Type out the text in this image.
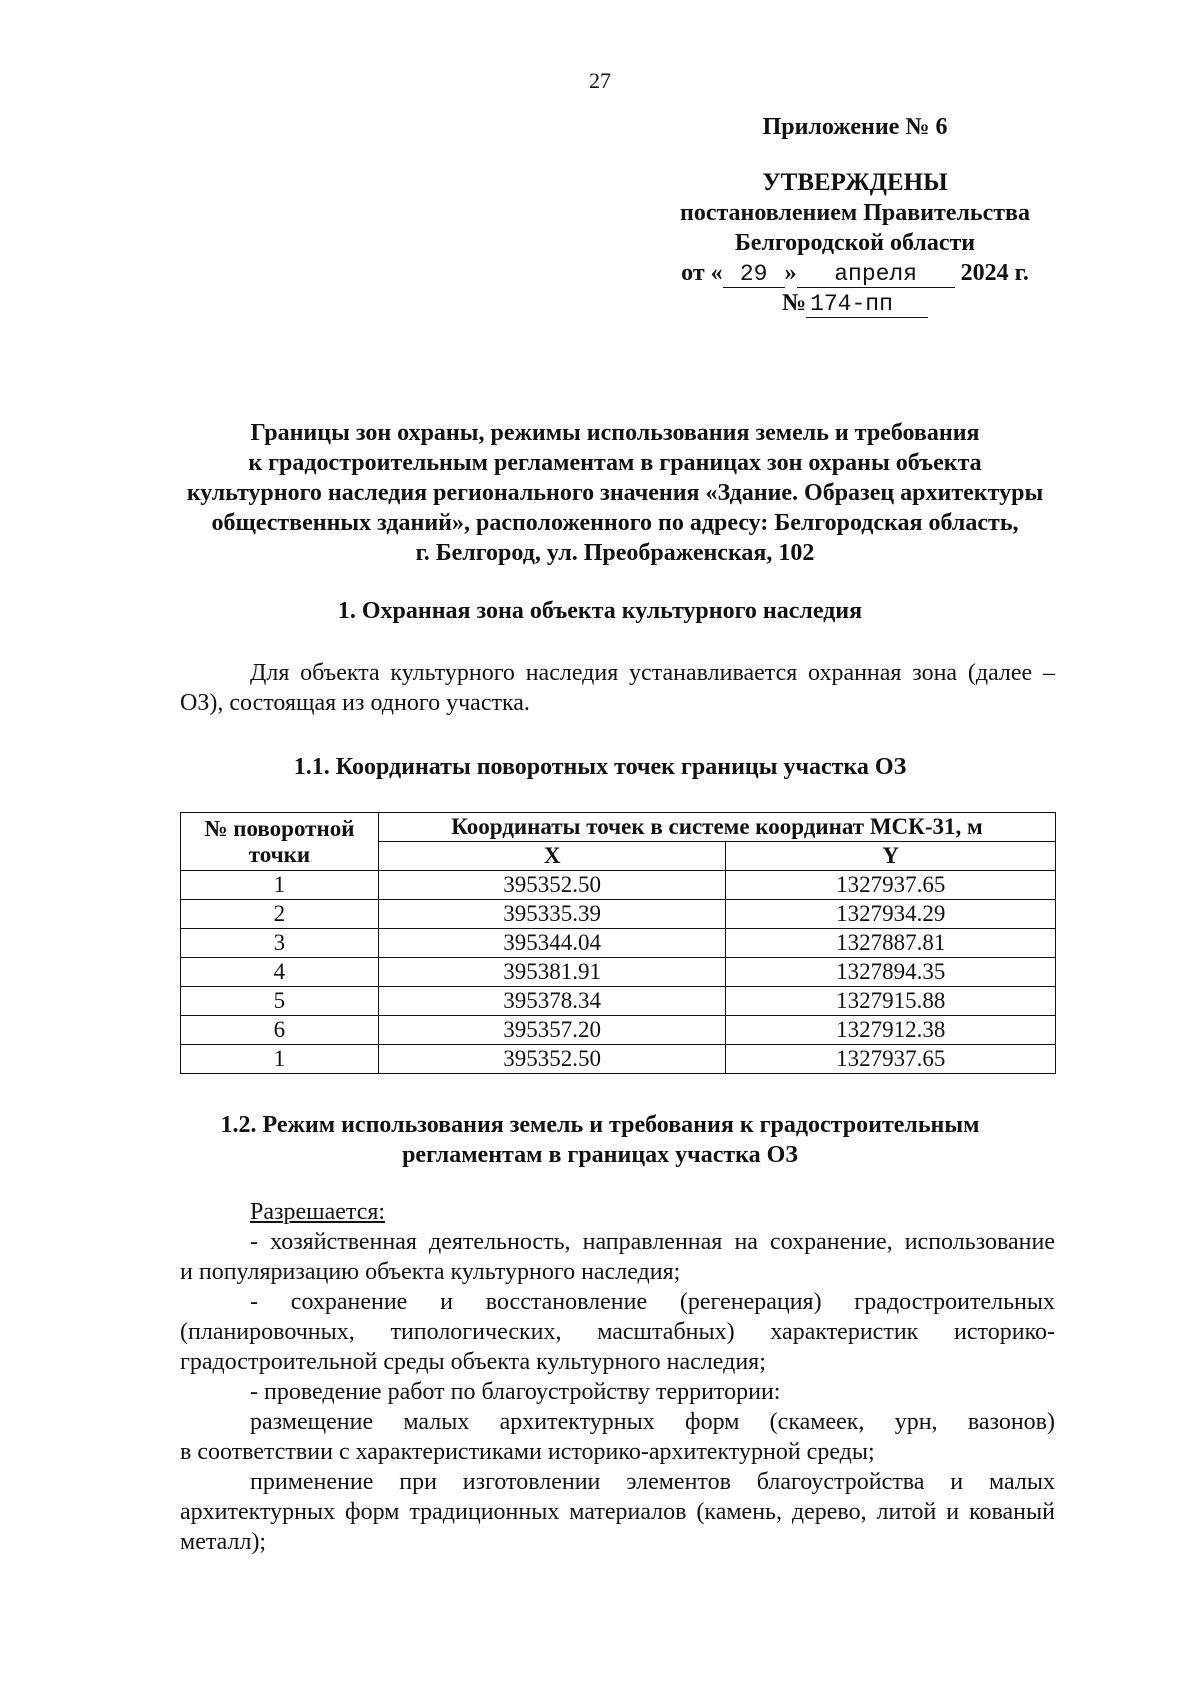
27
Приложение № 6
УТВЕРЖДЕНЫ
постановлением Правительства
Белгородской области
от « 29 » апреля 2024 г.
№ 174-пп
Границы зон охраны, режимы использования земель и требования
к градостроительным регламентам в границах зон охраны объекта
культурного наследия регионального значения «Здание. Образец архитектуры
общественных зданий», расположенного по адресу: Белгородская область,
г. Белгород, ул. Преображенская, 102
1. Охранная зона объекта культурного наследия
Для объекта культурного наследия устанавливается охранная зона (далее –
ОЗ), состоящая из одного участка.
1.1. Координаты поворотных точек границы участка ОЗ
№ поворотной точки	Координаты точек в системе координат МСК-31, м	
	X	Y
1	395352.50	1327937.65
2	395335.39	1327934.29
3	395344.04	1327887.81
4	395381.91	1327894.35
5	395378.34	1327915.88
6	395357.20	1327912.38
1	395352.50	1327937.65
1.2. Режим использования земель и требования к градостроительным
регламентам в границах участка ОЗ
Разрешается:
- хозяйственная деятельность, направленная на сохранение, использование
и популяризацию объекта культурного наследия;
- сохранение и восстановление (регенерация) градостроительных
(планировочных, типологических, масштабных) характеристик историко-
градостроительной среды объекта культурного наследия;
- проведение работ по благоустройству территории:
размещение малых архитектурных форм (скамеек, урн, вазонов)
в соответствии с характеристиками историко-архитектурной среды;
применение при изготовлении элементов благоустройства и малых
архитектурных форм традиционных материалов (камень, дерево, литой и кованый
металл);
